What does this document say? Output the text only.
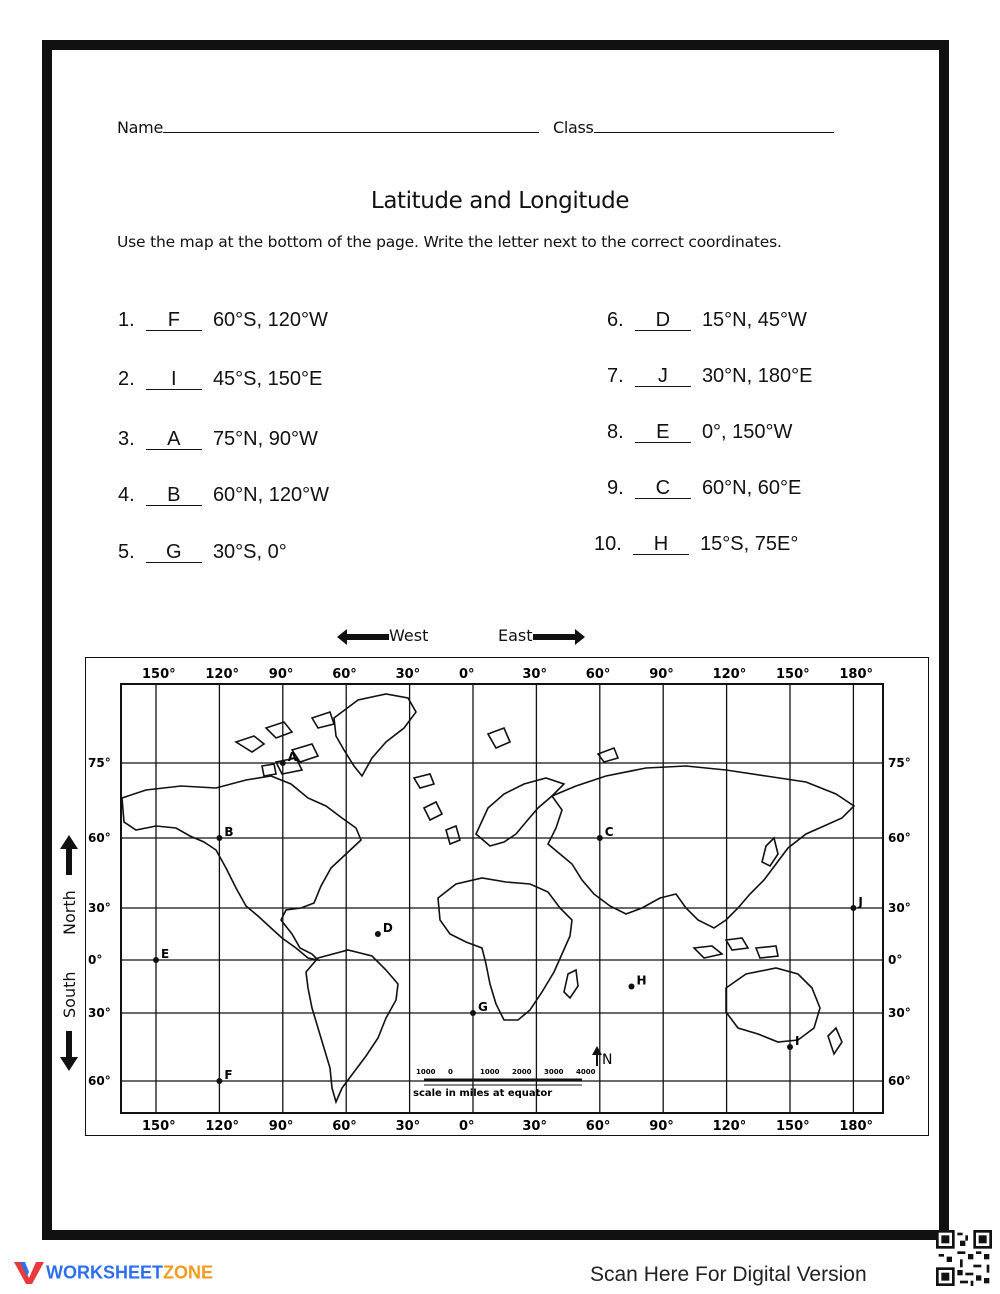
Name	Class
Latitude and Longitude
Use the map at the bottom of the page. Write the letter next to the correct coordinates.
1. F 60°S, 120°W
2. I 45°S, 150°E
3. A 75°N, 90°W
4. B 60°N, 120°W
5. G 30°S, 0°
6. D 15°N, 45°W
7. J 30°N, 180°E
8. E 0°, 150°W
9. C 60°N, 60°E
10. H 15°S, 75E°
West	East
North
South
150°
150°
120°
120°
90°
90°
60°
60°
30°
30°
0°
0°
30°
30°
60°
60°
90°
90°
120°
120°
150°
150°
180°
180°
75°
60°
30°
0°
30°
60°
75°
60°
30°
0°
30°
60°
A
B	C
D
E
F
G
H
I
J
N
scale in miles at equator
1000 0	1000 2000 3000 4000
WORKSHEETZONE	Scan Here For Digital Version
